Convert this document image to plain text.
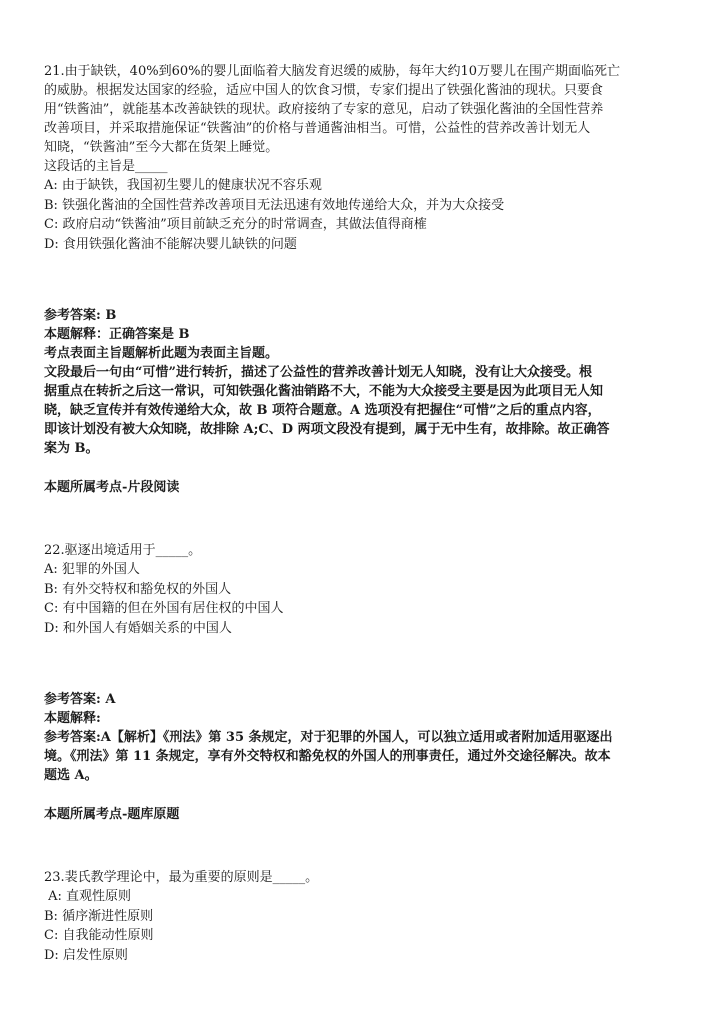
21.由于缺铁，40%到60%的婴儿面临着大脑发育迟缓的威胁，每年大约10万婴儿在围产期面临死亡
的威胁。根据发达国家的经验，适应中国人的饮食习惯，专家们提出了铁强化酱油的现状。只要食
用“铁酱油”，就能基本改善缺铁的现状。政府接纳了专家的意见，启动了铁强化酱油的全国性营养
改善项目，并采取措施保证“铁酱油”的价格与普通酱油相当。可惜，公益性的营养改善计划无人
知晓，“铁酱油”至今大都在货架上睡觉。
这段话的主旨是_____
A: 由于缺铁，我国初生婴儿的健康状况不容乐观
B: 铁强化酱油的全国性营养改善项目无法迅速有效地传递给大众，并为大众接受
C: 政府启动“铁酱油”项目前缺乏充分的时常调查，其做法值得商榷
D: 食用铁强化酱油不能解决婴儿缺铁的问题
参考答案: B
本题解释：正确答案是 B
考点表面主旨题解析此题为表面主旨题。
文段最后一句由“可惜”进行转折，描述了公益性的营养改善计划无人知晓，没有让大众接受。根
据重点在转折之后这一常识，可知铁强化酱油销路不大，不能为大众接受主要是因为此项目无人知
晓，缺乏宣传并有效传递给大众，故 B 项符合题意。A 选项没有把握住“可惜”之后的重点内容，
即该计划没有被大众知晓，故排除 A;C、D 两项文段没有提到，属于无中生有，故排除。故正确答
案为 B。
本题所属考点-片段阅读
22.驱逐出境适用于_____。
A: 犯罪的外国人
B: 有外交特权和豁免权的外国人
C: 有中国籍的但在外国有居住权的中国人
D: 和外国人有婚姻关系的中国人
参考答案: A
本题解释:
参考答案:A【解析】《刑法》第 35 条规定，对于犯罪的外国人，可以独立适用或者附加适用驱逐出
境。《刑法》第 11 条规定，享有外交特权和豁免权的外国人的刑事责任，通过外交途径解决。故本
题选 A。
本题所属考点-题库原题
23.裴氏教学理论中，最为重要的原则是_____。
A: 直观性原则
B: 循序渐进性原则
C: 自我能动性原则
D: 启发性原则
